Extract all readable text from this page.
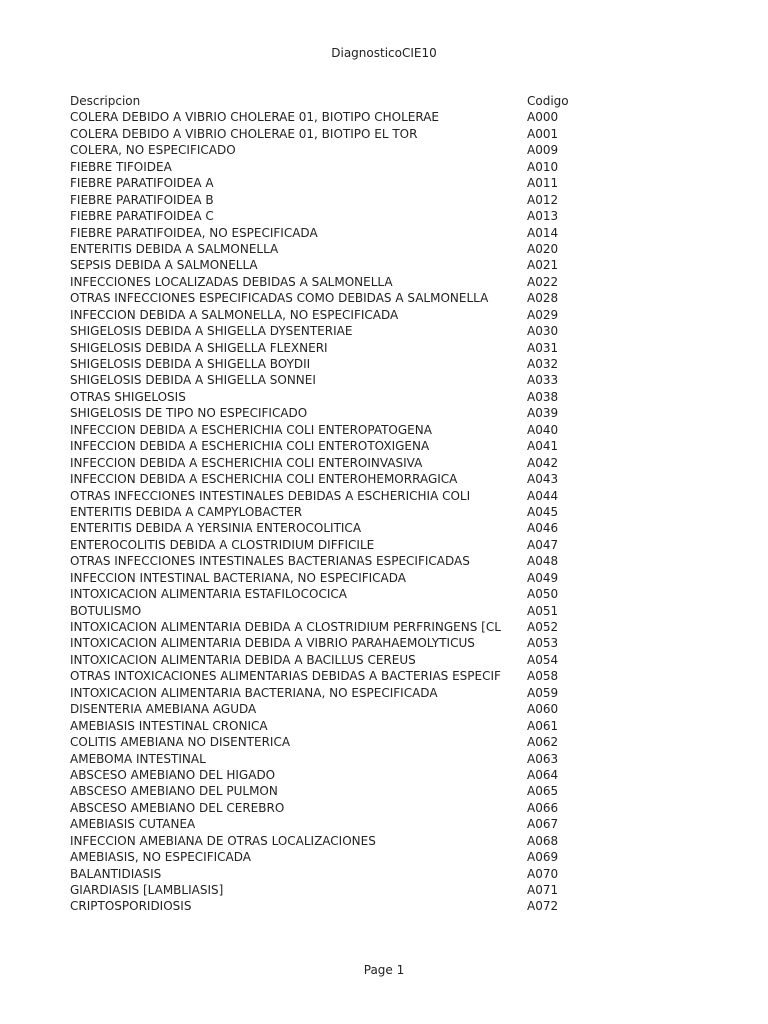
DiagnosticoCIE10
Descripcion	Codigo
COLERA DEBIDO A VIBRIO CHOLERAE 01, BIOTIPO CHOLERAE	A000
COLERA DEBIDO A VIBRIO CHOLERAE 01, BIOTIPO EL TOR	A001
COLERA, NO ESPECIFICADO	A009
FIEBRE TIFOIDEA	A010
FIEBRE PARATIFOIDEA A	A011
FIEBRE PARATIFOIDEA B	A012
FIEBRE PARATIFOIDEA C	A013
FIEBRE PARATIFOIDEA, NO ESPECIFICADA	A014
ENTERITIS DEBIDA A SALMONELLA	A020
SEPSIS DEBIDA A SALMONELLA	A021
INFECCIONES LOCALIZADAS DEBIDAS A SALMONELLA	A022
OTRAS INFECCIONES ESPECIFICADAS COMO DEBIDAS A SALMONELLA	A028
INFECCION DEBIDA A SALMONELLA, NO ESPECIFICADA	A029
SHIGELOSIS DEBIDA A SHIGELLA DYSENTERIAE	A030
SHIGELOSIS DEBIDA A SHIGELLA FLEXNERI	A031
SHIGELOSIS DEBIDA A SHIGELLA BOYDII	A032
SHIGELOSIS DEBIDA A SHIGELLA SONNEI	A033
OTRAS SHIGELOSIS	A038
SHIGELOSIS DE TIPO NO ESPECIFICADO	A039
INFECCION DEBIDA A ESCHERICHIA COLI ENTEROPATOGENA	A040
INFECCION DEBIDA A ESCHERICHIA COLI ENTEROTOXIGENA	A041
INFECCION DEBIDA A ESCHERICHIA COLI ENTEROINVASIVA	A042
INFECCION DEBIDA A ESCHERICHIA COLI ENTEROHEMORRAGICA	A043
OTRAS INFECCIONES INTESTINALES DEBIDAS A ESCHERICHIA COLI	A044
ENTERITIS DEBIDA A CAMPYLOBACTER	A045
ENTERITIS DEBIDA A YERSINIA ENTEROCOLITICA	A046
ENTEROCOLITIS DEBIDA A CLOSTRIDIUM DIFFICILE	A047
OTRAS INFECCIONES INTESTINALES BACTERIANAS ESPECIFICADAS	A048
INFECCION INTESTINAL BACTERIANA, NO ESPECIFICADA	A049
INTOXICACION ALIMENTARIA ESTAFILOCOCICA	A050
BOTULISMO	A051
INTOXICACION ALIMENTARIA DEBIDA A CLOSTRIDIUM PERFRINGENS [CL	A052
INTOXICACION ALIMENTARIA DEBIDA A VIBRIO PARAHAEMOLYTICUS	A053
INTOXICACION ALIMENTARIA DEBIDA A BACILLUS CEREUS	A054
OTRAS INTOXICACIONES ALIMENTARIAS DEBIDAS A BACTERIAS ESPECIF	A058
INTOXICACION ALIMENTARIA BACTERIANA, NO ESPECIFICADA	A059
DISENTERIA AMEBIANA AGUDA	A060
AMEBIASIS INTESTINAL CRONICA	A061
COLITIS AMEBIANA NO DISENTERICA	A062
AMEBOMA INTESTINAL	A063
ABSCESO AMEBIANO DEL HIGADO	A064
ABSCESO AMEBIANO DEL PULMON	A065
ABSCESO AMEBIANO DEL CEREBRO	A066
AMEBIASIS CUTANEA	A067
INFECCION AMEBIANA DE OTRAS LOCALIZACIONES	A068
AMEBIASIS, NO ESPECIFICADA	A069
BALANTIDIASIS	A070
GIARDIASIS [LAMBLIASIS]	A071
CRIPTOSPORIDIOSIS	A072
Page 1
